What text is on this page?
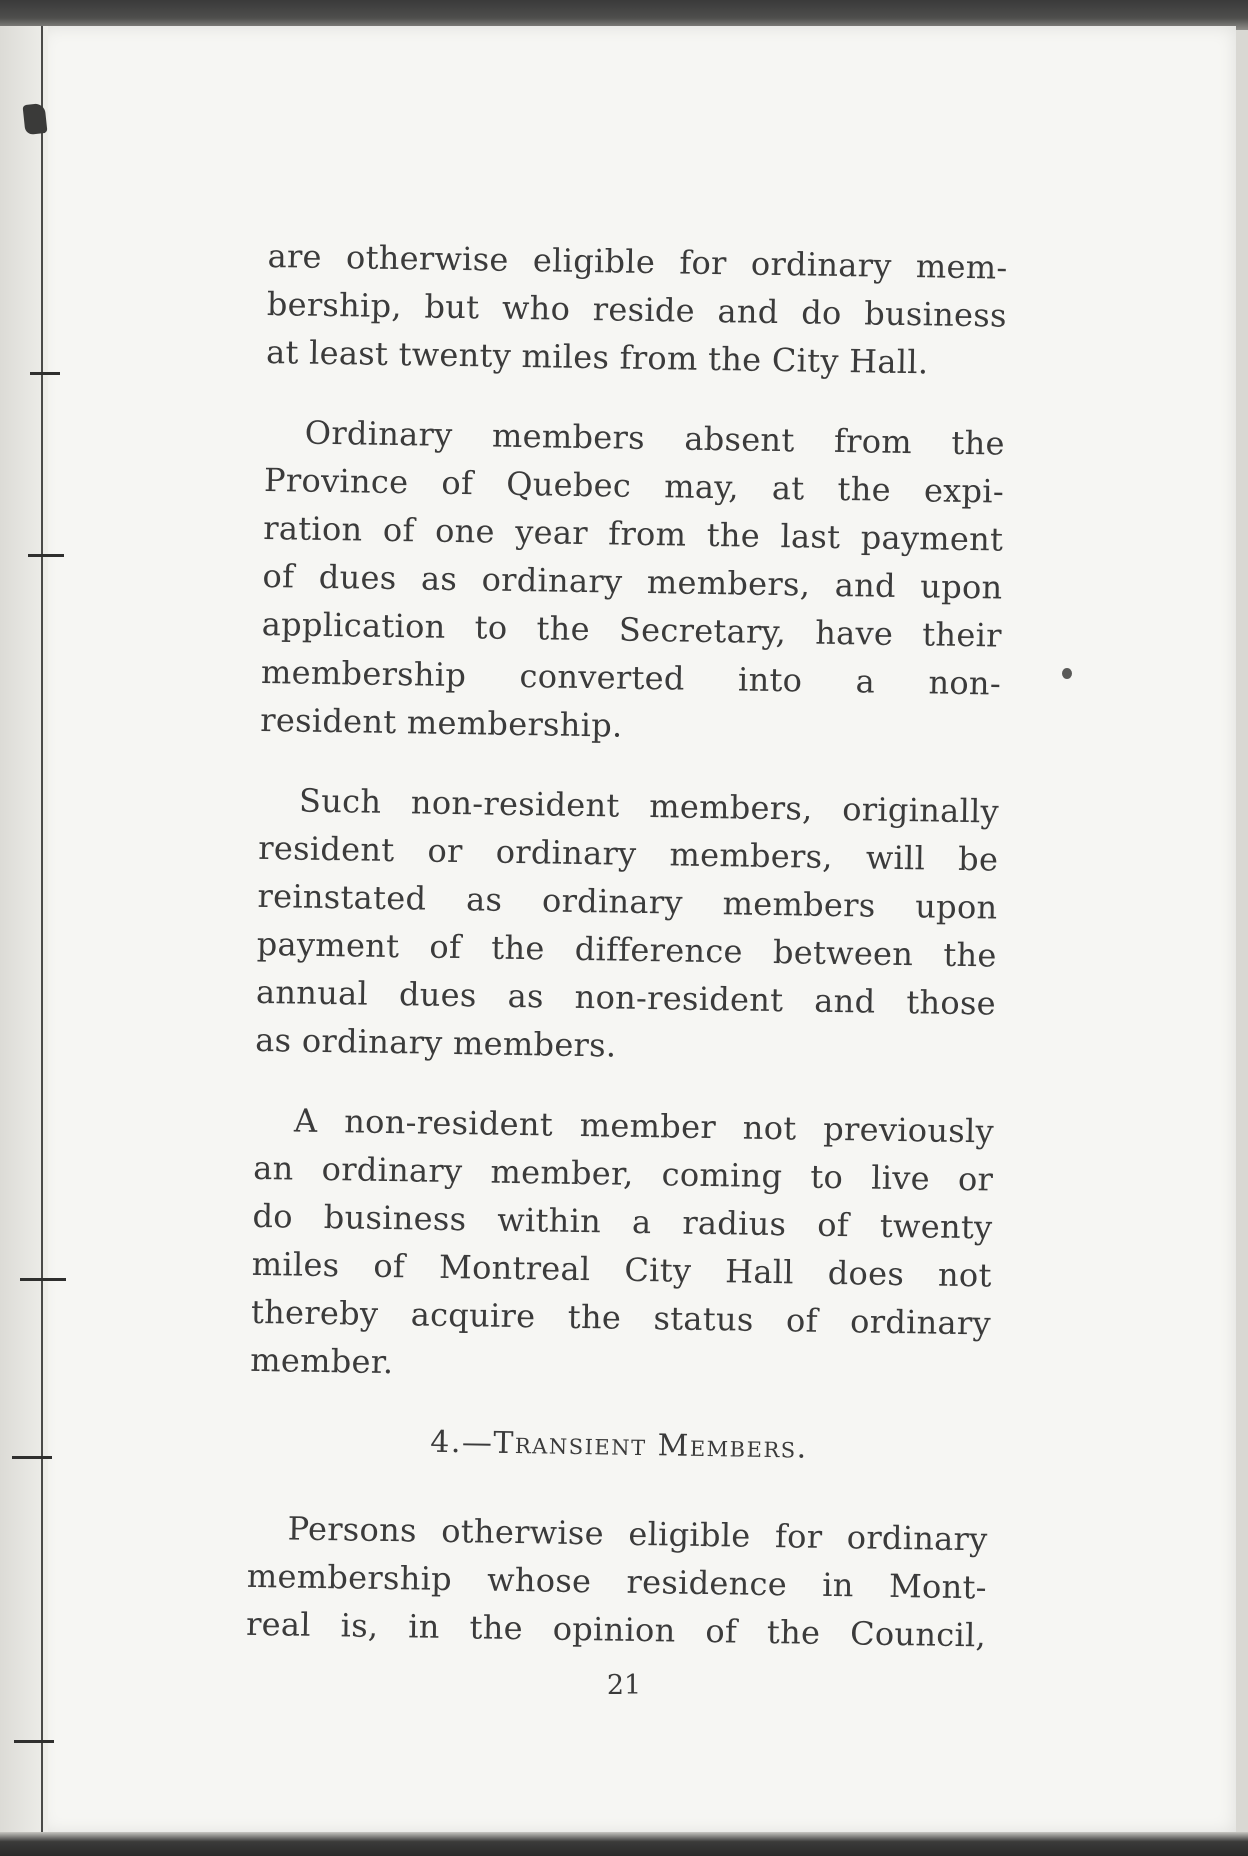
are otherwise eligible for ordinary mem-
bership, but who reside and do business
at least twenty miles from the City Hall.

Ordinary members absent from the
Province of Quebec may, at the expi-
ration of one year from the last payment
of dues as ordinary members, and upon
application to the Secretary, have their
membership converted into a non-
resident membership.

Such non-resident members, originally
resident or ordinary members, will be
reinstated as ordinary members upon
payment of the difference between the
annual dues as non-resident and those
as ordinary members.

A non-resident member not previously
an ordinary member, coming to live or
do business within a radius of twenty
miles of Montreal City Hall does not
thereby acquire the status of ordinary
member.

4.—Transient Members.

Persons otherwise eligible for ordinary
membership whose residence in Mont-
real is, in the opinion of the Council,

21
